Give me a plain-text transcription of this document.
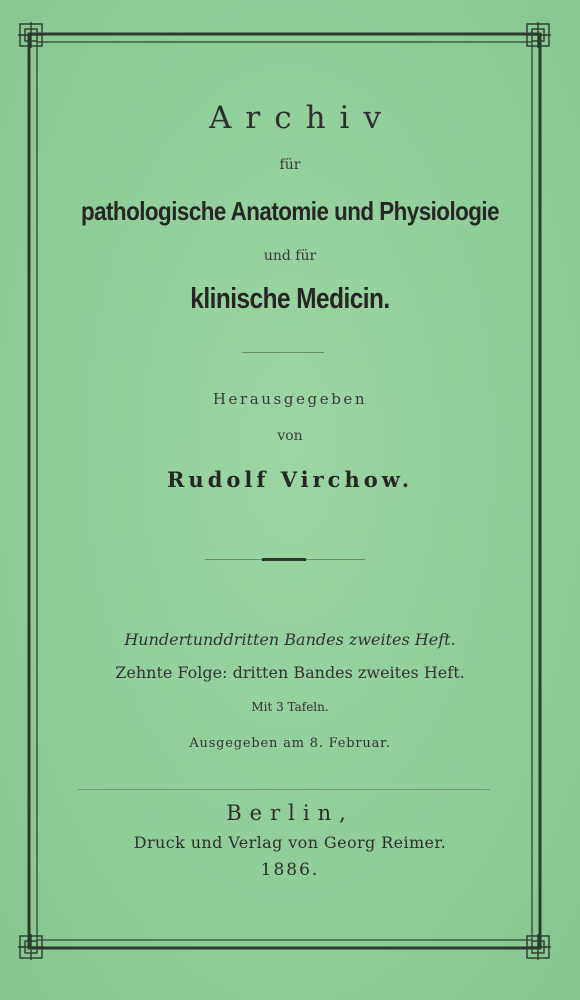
Archiv
für
pathologische Anatomie und Physiologie
und für
klinische Medicin.
Herausgegeben
von
Rudolf Virchow.
Hundertunddritten Bandes zweites Heft.
Zehnte Folge: dritten Bandes zweites Heft.
Mit 3 Tafeln.
Ausgegeben am 8. Februar.
Berlin,
Druck und Verlag von Georg Reimer.
1886.
